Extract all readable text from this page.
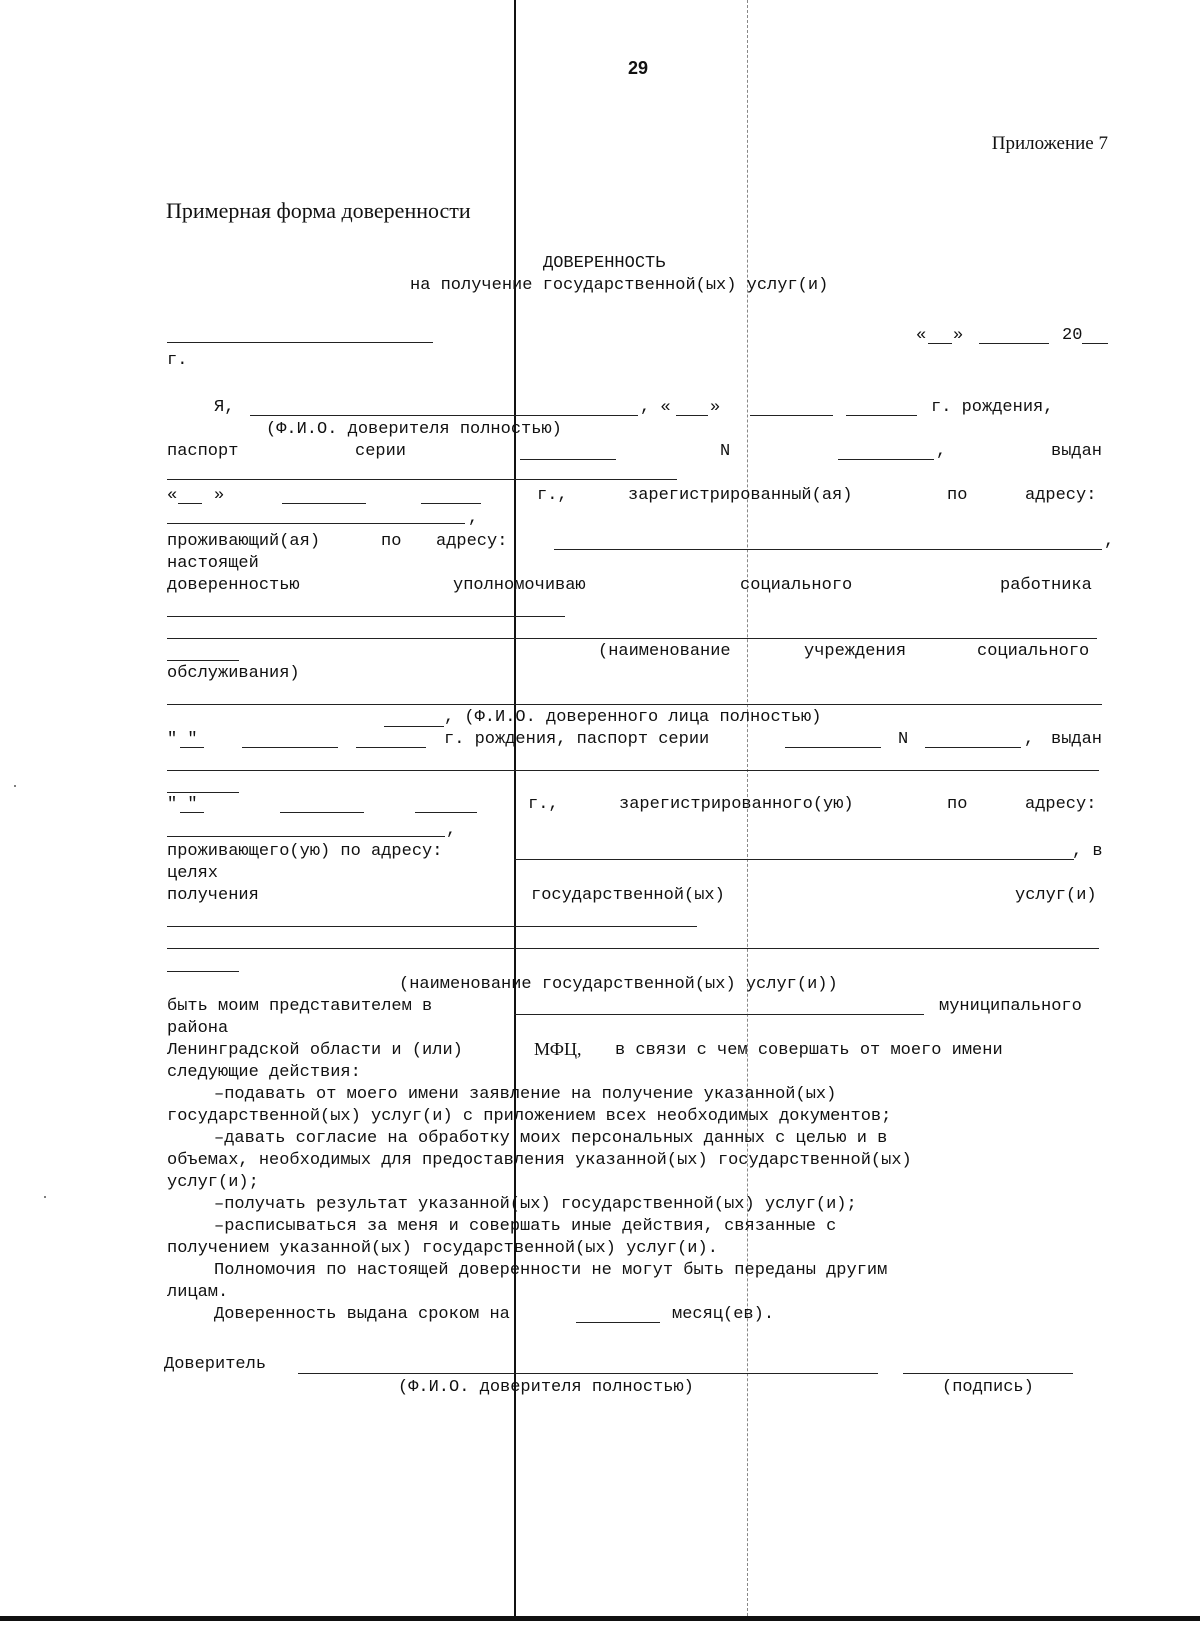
29
Приложение 7
Примерная форма доверенности
ДОВЕРЕННОСТЬ
на получение государственной(ых) услуг(и)
г.
« »	20
Я,	, « »	г. рождения,
(Ф.И.О. доверителя полностью)
паспорт	серии	N	,	выдан
« »	г.,	зарегистрированный(ая)	по	адресу:
,
проживающий(ая)	по адресу:	,
настоящей
доверенностью	уполномочиваю	социального	работника
(наименование	учреждения	социального
обслуживания)
, (Ф.И.О. доверенного лица полностью)
" "	г. рождения, паспорт серии	N	, выдан
" "	г.,	зарегистрированного(ую)	по	адресу:
,
проживающего(ую) по адресу:	, в
целях
получения	государственной(ых)	услуг(и)
(наименование государственной(ых) услуг(и))
быть моим представителем в	муниципального
района
Ленинградской области и (или)	МФЦ, в связи с чем совершать от моего имени
следующие действия:
–подавать от моего имени заявление на получение указанной(ых)
государственной(ых) услуг(и) с приложением всех необходимых документов;
–давать согласие на обработку моих персональных данных с целью и в
объемах, необходимых для предоставления указанной(ых) государственной(ых)
услуг(и);
–получать результат указанной(ых) государственной(ых) услуг(и);
–расписываться за меня и совершать иные действия, связанные с
получением указанной(ых) государственной(ых) услуг(и).
Полномочия по настоящей доверенности не могут быть переданы другим
лицам.
Доверенность выдана сроком на	месяц(ев).
Доверитель
(Ф.И.О. доверителя полностью)	(подпись)
